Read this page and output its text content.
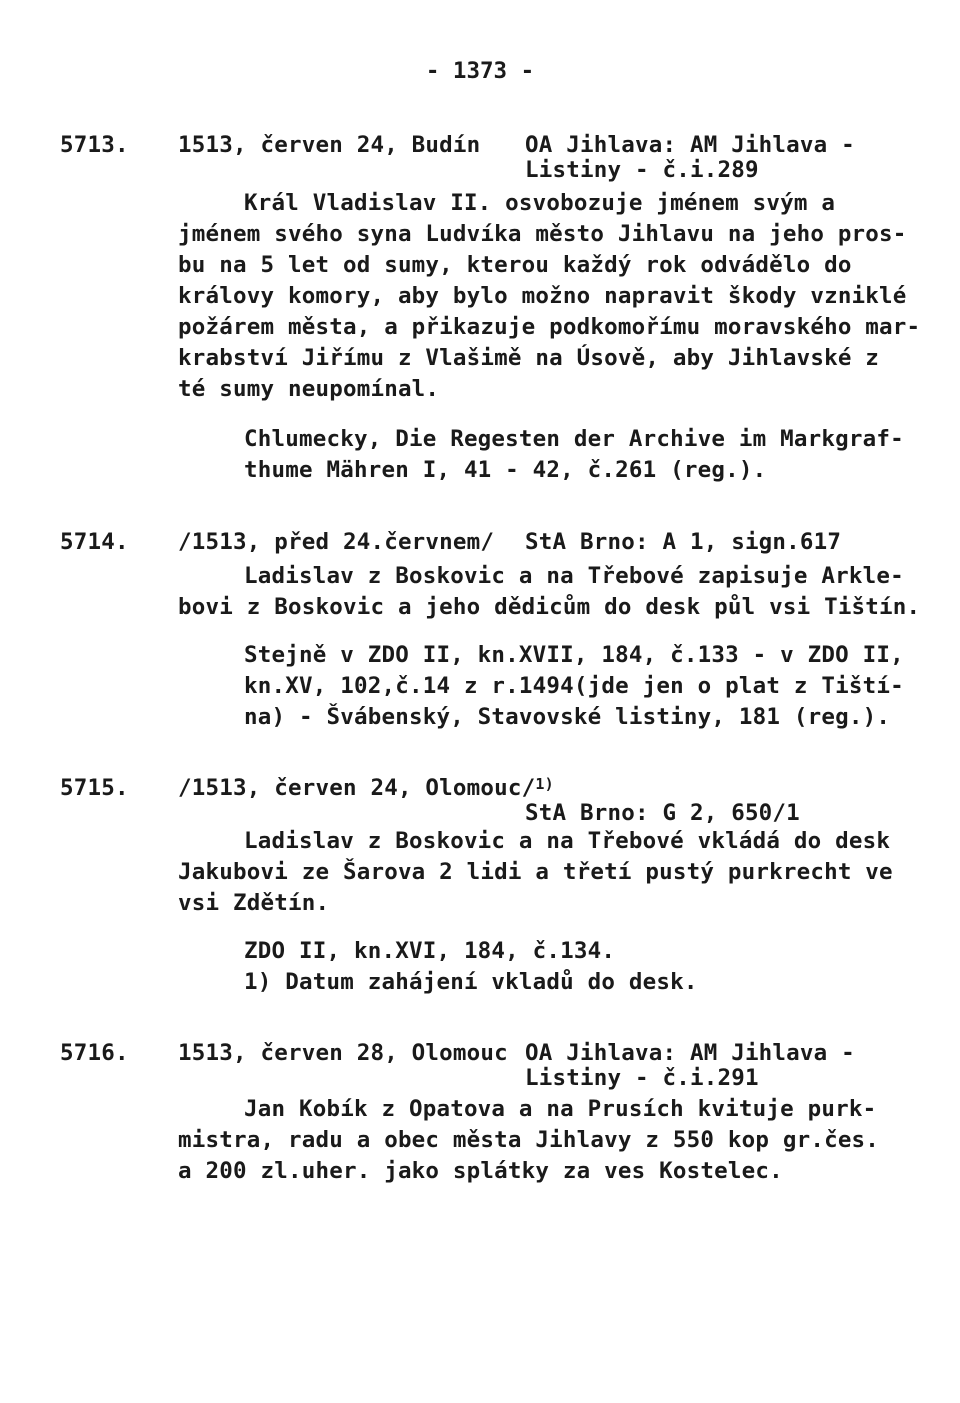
- 1373 -
5713. 1513, červen 24, Budín OA Jihlava: AM Jihlava -
Listiny - č.i.289
Král Vladislav II. osvobozuje jménem svým a
jménem svého syna Ludvíka město Jihlavu na jeho pros-
bu na 5 let od sumy, kterou každý rok odvádělo do
královy komory, aby bylo možno napravit škody vzniklé
požárem města, a přikazuje podkomořímu moravského mar-
krabství Jiřímu z Vlašimě na Úsově, aby Jihlavské z
té sumy neupomínal.
Chlumecky, Die Regesten der Archive im Markgraf-
thume Mähren I, 41 - 42, č.261 (reg.).
5714. /1513, před 24.červnem/ StA Brno: A 1, sign.617
Ladislav z Boskovic a na Třebové zapisuje Arkle-
bovi z Boskovic a jeho dědicům do desk půl vsi Tištín.
Stejně v ZDO II, kn.XVII, 184, č.133 - v ZDO II,
kn.XV, 102,č.14 z r.1494(jde jen o plat z Tiští-
na) - Švábenský, Stavovské listiny, 181 (reg.).
5715. /1513, červen 24, Olomouc/$^{1)}$
StA Brno: G 2, 650/1
Ladislav z Boskovic a na Třebové vkládá do desk
Jakubovi ze Šarova 2 lidi a třetí pustý purkrecht ve
vsi Zdětín.
ZDO II, kn.XVI, 184, č.134.
1) Datum zahájení vkladů do desk.
5716. 1513, červen 28, Olomouc OA Jihlava: AM Jihlava -
Listiny - č.i.291
Jan Kobík z Opatova a na Prusích kvituje purk-
mistra, radu a obec města Jihlavy z 550 kop gr.čes.
a 200 zl.uher. jako splátky za ves Kostelec.
